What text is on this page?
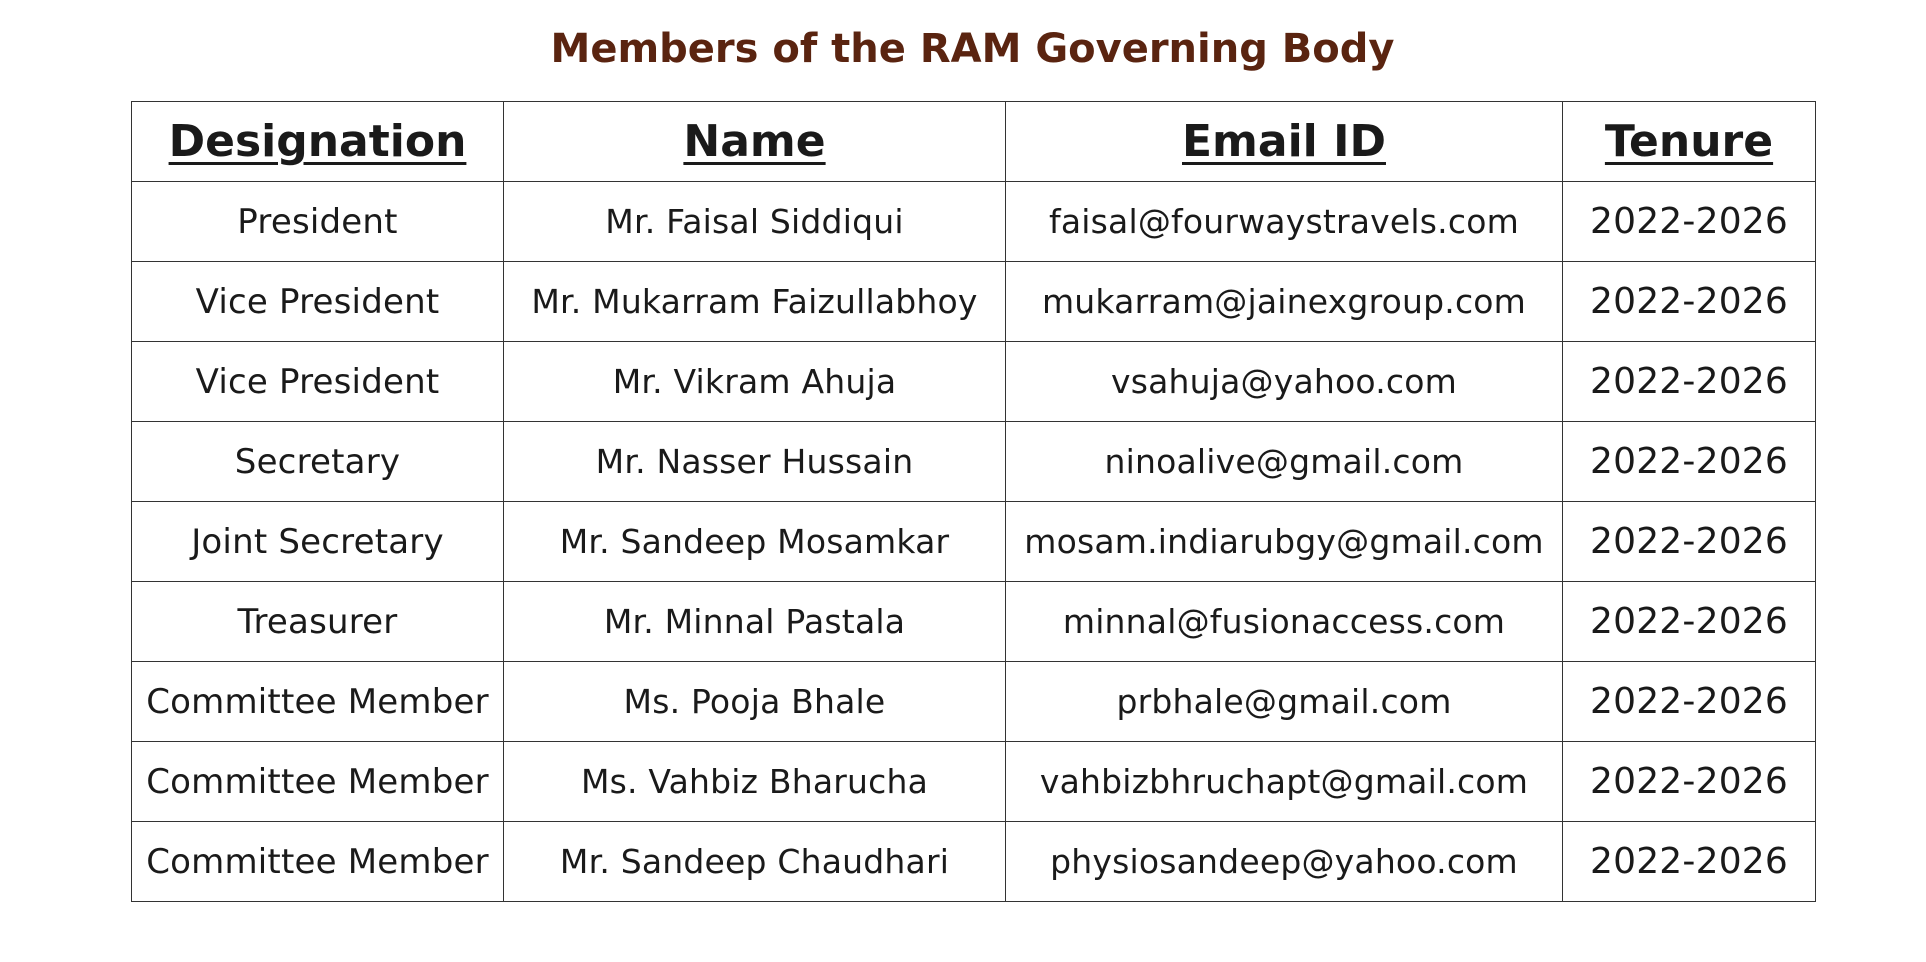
Members of the RAM Governing Body
Designation	Name	Email ID	Tenure
President	Mr. Faisal Siddiqui	faisal@fourwaystravels.com	2022-2026
Vice President	Mr. Mukarram Faizullabhoy	mukarram@jainexgroup.com	2022-2026
Vice President	Mr. Vikram Ahuja	vsahuja@yahoo.com	2022-2026
Secretary	Mr. Nasser Hussain	ninoalive@gmail.com	2022-2026
Joint Secretary	Mr. Sandeep Mosamkar	mosam.indiarubgy@gmail.com	2022-2026
Treasurer	Mr. Minnal Pastala	minnal@fusionaccess.com	2022-2026
Committee Member	Ms. Pooja Bhale	prbhale@gmail.com	2022-2026
Committee Member	Ms. Vahbiz Bharucha	vahbizbhruchapt@gmail.com	2022-2026
Committee Member	Mr. Sandeep Chaudhari	physiosandeep@yahoo.com	2022-2026
